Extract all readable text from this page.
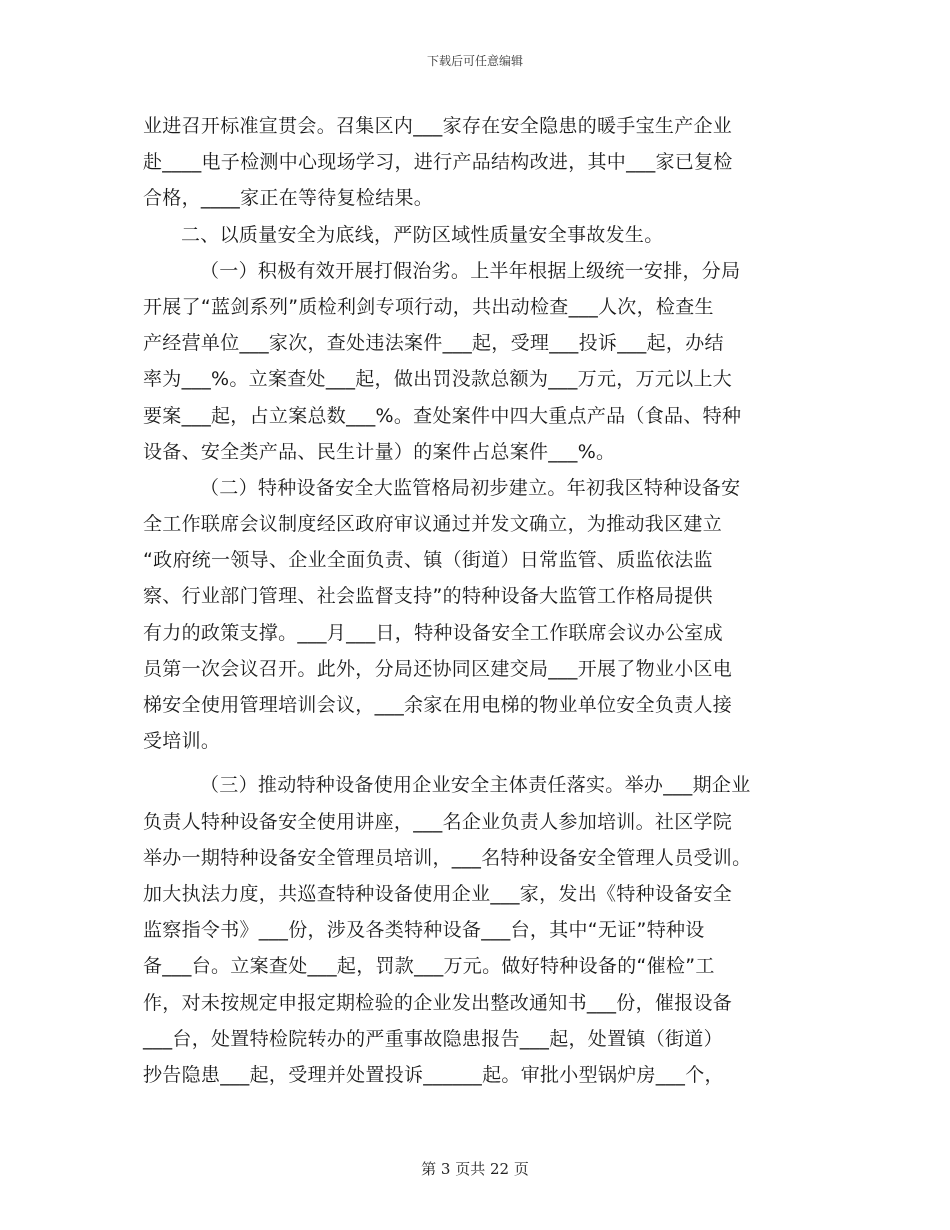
下载后可任意编辑
业进召开标准宣贯会。召集区内___家存在安全隐患的暖手宝生产企业
赴____电子检测中心现场学习，进行产品结构改进，其中___家已复检
合格，____家正在等待复检结果。
二、以质量安全为底线，严防区域性质量安全事故发生。
（一）积极有效开展打假治劣。上半年根据上级统一安排，分局
开展了“蓝剑系列”质检利剑专项行动，共出动检查___人次，检查生
产经营单位___家次，查处违法案件___起，受理___投诉___起，办结
率为___%。立案查处___起，做出罚没款总额为___万元，万元以上大
要案___起，占立案总数___%。查处案件中四大重点产品（食品、特种
设备、安全类产品、民生计量）的案件占总案件___%。
（二）特种设备安全大监管格局初步建立。年初我区特种设备安
全工作联席会议制度经区政府审议通过并发文确立，为推动我区建立
“政府统一领导、企业全面负责、镇（街道）日常监管、质监依法监
察、行业部门管理、社会监督支持”的特种设备大监管工作格局提供
有力的政策支撑。___月___日，特种设备安全工作联席会议办公室成
员第一次会议召开。此外，分局还协同区建交局___开展了物业小区电
梯安全使用管理培训会议，___余家在用电梯的物业单位安全负责人接
受培训。
（三）推动特种设备使用企业安全主体责任落实。举办___期企业
负责人特种设备安全使用讲座，___名企业负责人参加培训。社区学院
举办一期特种设备安全管理员培训，___名特种设备安全管理人员受训。
加大执法力度，共巡查特种设备使用企业___家，发出《特种设备安全
监察指令书》___份，涉及各类特种设备___台，其中“无证”特种设
备___台。立案查处___起，罚款___万元。做好特种设备的“催检”工
作，对未按规定申报定期检验的企业发出整改通知书___份，催报设备
___台，处置特检院转办的严重事故隐患报告___起，处置镇（街道）
抄告隐患___起，受理并处置投诉______起。审批小型锅炉房___个，
第 3 页共 22 页
